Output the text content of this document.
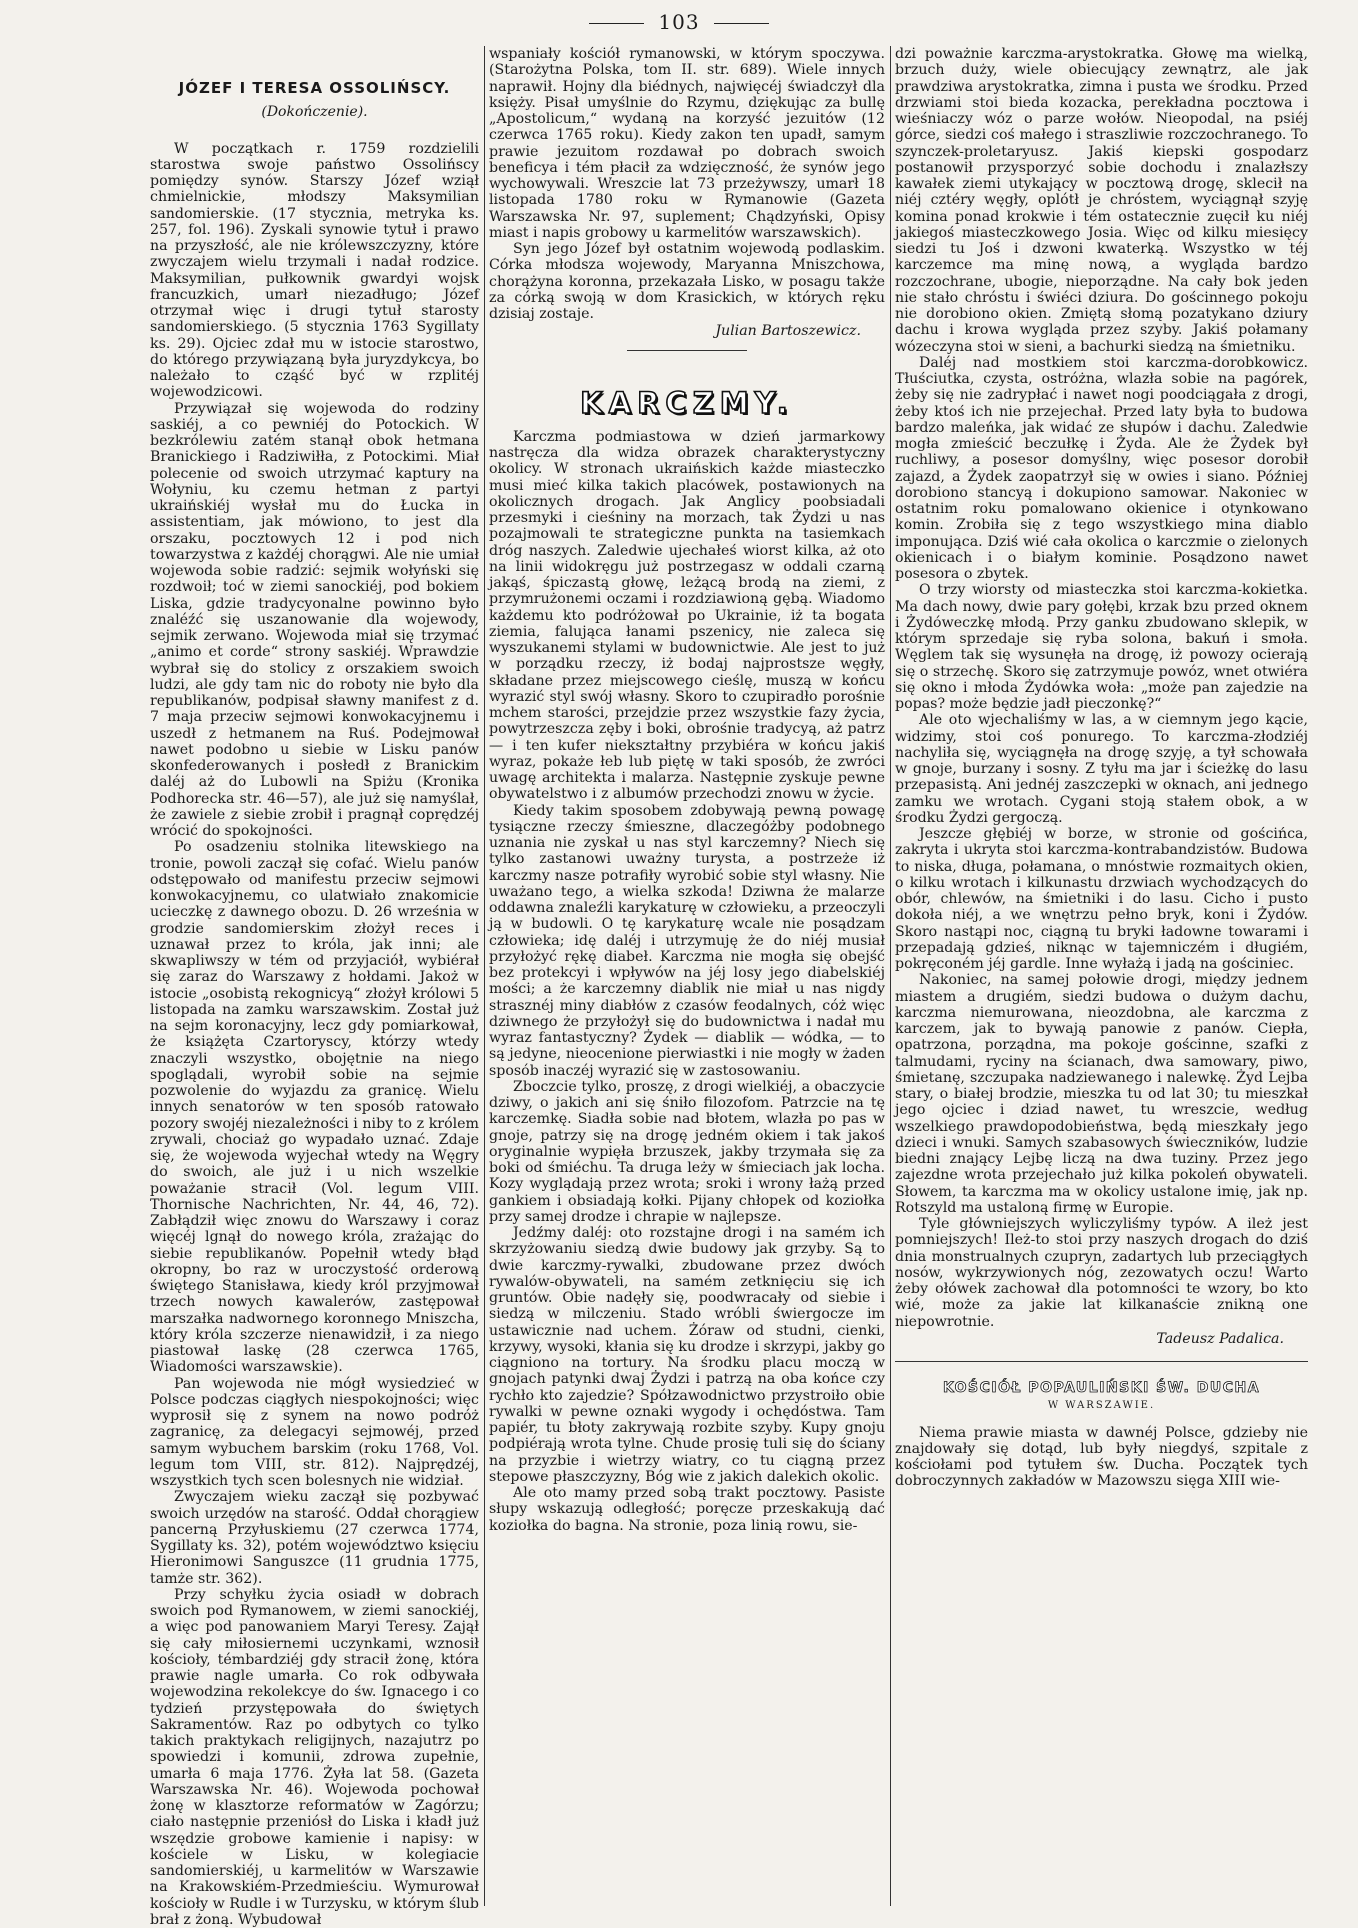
103
JÓZEF I TERESA OSSOLIŃSCY.
(Dokończenie).

W początkach r. 1759 rozdzielili starostwa swoje państwo Ossolińscy pomiędzy synów. Starszy Józef wziął chmielnickie, młodszy Maksymilian sandomierskie. (17 stycznia, metryka ks. 257, fol. 196). Zyskali synowie tytuł i prawo na przyszłość, ale nie królewszczyzny, które zwyczajem wielu trzymali i nadał rodzice. Maksymilian, pułkownik gwardyi wojsk francuzkich, umarł niezadługo; Józef otrzymał więc i drugi tytuł starosty sandomierskiego. (5 stycznia 1763 Sygillaty ks. 29). Ojciec zdał mu w istocie starostwo, do którego przywiązaną była juryzdykcya, bo należało to cząść być w rzplitéj wojewodzicowi.

Przywiązał się wojewoda do rodziny saskiéj, a co pewniéj do Potockich. W bezkrólewiu zatém stanął obok hetmana Branickiego i Radziwiłła, z Potockimi. Miał polecenie od swoich utrzymać kaptury na Wołyniu, ku czemu hetman z partyi ukraińskiéj wysłał mu do Łucka in assistentiam, jak mówiono, to jest dla orszaku, pocztowych 12 i pod nich towarzystwa z każdéj chorągwi. Ale nie umiał wojewoda sobie radzić: sejmik wołyński się rozdwoił; toć w ziemi sanockiéj, pod bokiem Liska, gdzie tradycyonalne powinno było znaléźć się uszanowanie dla wojewody, sejmik zerwano. Wojewoda miał się trzymać „animo et corde“ strony saskiéj. Wprawdzie wybrał się do stolicy z orszakiem swoich ludzi, ale gdy tam nic do roboty nie było dla republikanów, podpisał sławny manifest z d. 7 maja przeciw sejmowi konwokacyjnemu i uszedł z hetmanem na Ruś. Podejmował nawet podobno u siebie w Lisku panów skonfederowanych i posłedł z Branickim daléj aż do Lubowli na Spiżu (Kronika Podhorecka str. 46—57), ale już się namyślał, że zawiele z siebie zrobił i pragnął coprędzéj wrócić do spokojności.

Po osadzeniu stolnika litewskiego na tronie, powoli zaczął się cofać. Wielu panów odstępowało od manifestu przeciw sejmowi konwokacyjnemu, co ulatwiało znakomicie ucieczkę z dawnego obozu. D. 26 września w grodzie sandomierskim złożył reces i uznawał przez to króla, jak inni; ale skwapliwszy w tém od przyjaciół, wybiérał się zaraz do Warszawy z hołdami. Jakoż w istocie „osobistą rekognicyą“ złożył królowi 5 listopada na zamku warszawskim. Został już na sejm koronacyjny, lecz gdy pomiarkował, że książęta Czartoryscy, którzy wtedy znaczyli wszystko, obojętnie na niego spoglądali, wyrobił sobie na sejmie pozwolenie do wyjazdu za granicę. Wielu innych senatorów w ten sposób ratowało pozory swojéj niezależności i niby to z królem zrywali, chociaż go wypadało uznać. Zdaje się, że wojewoda wyjechał wtedy na Węgry do swoich, ale już i u nich wszelkie poważanie stracił (Vol. legum VIII. Thornische Nachrichten, Nr. 44, 46, 72). Zabłądził więc znowu do Warszawy i coraz więcéj lgnął do nowego króla, zrażając do siebie republikanów. Popełnił wtedy błąd okropny, bo raz w uroczystość orderową świętego Stanisława, kiedy król przyjmował trzech nowych kawalerów, zastępował marszałka nadwornego koronnego Mniszcha, który króla szczerze nienawidził, i za niego piastował laskę (28 czerwca 1765, Wiadomości warszawskie).

Pan wojewoda nie mógł wysiedzieć w Polsce podczas ciągłych niespokojności; więc wyprosił się z synem na nowo podróż zagranicę, za delegacyi sejmowéj, przed samym wybuchem barskim (roku 1768, Vol. legum tom VIII, str. 812). Najprędzéj, wszystkich tych scen bolesnych nie widział.

Zwyczajem wieku zaczął się pozbywać swoich urzędów na starość. Oddał chorągiew pancerną Przyłuskiemu (27 czerwca 1774, Sygillaty ks. 32), potém województwo księciu Hieronimowi Sanguszce (11 grudnia 1775, tamże str. 362).

Przy schyłku życia osiadł w dobrach swoich pod Rymanowem, w ziemi sanockiéj, a więc pod panowaniem Maryi Teresy. Zajął się cały miłosiernemi uczynkami, wznosił kościoły, témbardziéj gdy stracił żonę, która prawie nagle umarła. Co rok odbywała wojewodzina rekolekcye do św. Ignacego i co tydzień przystępowała do świętych Sakramentów. Raz po odbytych co tylko takich praktykach religijnych, nazajutrz po spowiedzi i komunii, zdrowa zupełnie, umarła 6 maja 1776. Żyła lat 58. (Gazeta Warszawska Nr. 46). Wojewoda pochował żonę w klasztorze reformatów w Zagórzu; ciało następnie przeniósł do Liska i kładł już wszędzie grobowe kamienie i napisy: w kościele w Lisku, w kolegiacie sandomierskiéj, u karmelitów w Warszawie na Krakowskiém-Przedmieściu. Wymurował kościoły w Rudle i w Turzysku, w którym ślub brał z żoną. Wybudował

wspaniały kościół rymanowski, w którym spoczywa. (Starożytna Polska, tom II. str. 689). Wiele innych naprawił. Hojny dla biédnych, najwięcéj świadczył dla księży. Pisał umyślnie do Rzymu, dziękując za bullę „Apostolicum,“ wydaną na korzyść jezuitów (12 czerwca 1765 roku). Kiedy zakon ten upadł, samym prawie jezuitom rozdawał po dobrach swoich beneficya i tém płacił za wdzięczność, że synów jego wychowywali. Wreszcie lat 73 przeżywszy, umarł 18 listopada 1780 roku w Rymanowie (Gazeta Warszawska Nr. 97, suplement; Chądzyński, Opisy miast i napis grobowy u karmelitów warszawskich).

Syn jego Józef był ostatnim wojewodą podlaskim. Córka młodsza wojewody, Maryanna Mniszchowa, chorążyna koronna, przekazała Lisko, w posagu także za córką swoją w dom Krasickich, w których ręku dzisiaj zostaje.

Julian Bartoszewicz.
KARCZMY.

Karczma podmiastowa w dzień jarmarkowy nastręcza dla widza obrazek charakterystyczny okolicy. W stronach ukraińskich każde miasteczko musi mieć kilka takich placówek, postawionych na okolicznych drogach. Jak Anglicy poobsiadali przesmyki i cieśniny na morzach, tak Żydzi u nas pozajmowali te strategiczne punkta na tasiemkach dróg naszych. Zaledwie ujechałeś wiorst kilka, aż oto na linii widokręgu już postrzegasz w oddali czarną jakąś, śpiczastą głowę, leżącą brodą na ziemi, z przymrużonemi oczami i rozdziawioną gębą. Wiadomo każdemu kto podróżował po Ukrainie, iż ta bogata ziemia, falująca łanami pszenicy, nie zaleca się wyszukanemi stylami w budownictwie. Ale jest to już w porządku rzeczy, iż bodaj najprostsze węgły, składane przez miejscowego cieślę, muszą w końcu wyrazić styl swój własny. Skoro to czupiradło porośnie mchem starości, przejdzie przez wszystkie fazy życia, powytrzeszcza zęby i boki, obrośnie tradycyą, aż patrz — i ten kufer niekształtny przybiéra w końcu jakiś wyraz, pokaże łeb lub piętę w taki sposób, że zwróci uwagę architekta i malarza. Następnie zyskuje pewne obywatelstwo i z albumów przechodzi znowu w życie.

Kiedy takim sposobem zdobywają pewną powagę tysiączne rzeczy śmieszne, dlaczegóżby podobnego uznania nie zyskał u nas styl karczemny? Niech się tylko zastanowi uważny turysta, a postrzeże iż karczmy nasze potrafiły wyrobić sobie styl własny. Nie uważano tego, a wielka szkoda! Dziwna że malarze oddawna znaleźli karykaturę w człowieku, a przeoczyli ją w budowli. O tę karykaturę wcale nie posądzam człowieka; idę daléj i utrzymuję że do niéj musiał przyłożyć rękę diabeł. Karczma nie mogła się obejść bez protekcyi i wpływów na jéj losy jego diabelskiéj mości; a że karczemny diablik nie miał u nas nigdy strasznéj miny diabłów z czasów feodalnych, cóż więc dziwnego że przyłożył się do budownictwa i nadał mu wyraz fantastyczny? Żydek — diablik — wódka, — to są jedyne, nieocenione pierwiastki i nie mogły w żaden sposób inaczéj wyrazić się w zastosowaniu.

Zboczcie tylko, proszę, z drogi wielkiéj, a obaczycie dziwy, o jakich ani się śniło filozofom. Patrzcie na tę karczemkę. Siadła sobie nad błotem, wlazła po pas w gnoje, patrzy się na drogę jedném okiem i tak jakoś oryginalnie wypięła brzuszek, jakby trzymała się za boki od śmiéchu. Ta druga leży w śmieciach jak locha. Kozy wyglądają przez wrota; sroki i wrony łażą przed gankiem i obsiadają kołki. Pijany chłopek od koziołka przy samej drodze i chrapie w najlepsze.

Jedźmy daléj: oto rozstajne drogi i na samém ich skrzyżowaniu siedzą dwie budowy jak grzyby. Są to dwie karczmy-rywalki, zbudowane przez dwóch rywalów-obywateli, na samém zetknięciu się ich gruntów. Obie nadęły się, poodwracały od siebie i siedzą w milczeniu. Stado wróbli świergocze im ustawicznie nad uchem. Żóraw od studni, cienki, krzywy, wysoki, kłania się ku drodze i skrzypi, jakby go ciągniono na tortury. Na środku placu moczą w gnojach patynki dwaj Żydzi i patrzą na oba końce czy rychło kto zajedzie? Spółzawodnictwo przystroiło obie rywalki w pewne oznaki wygody i ochędóstwa. Tam papiér, tu błoty zakrywają rozbite szyby. Kupy gnoju podpiérają wrota tylne. Chude prosię tuli się do ściany na przyzbie i wietrzy wiatry, co tu ciągną przez stepowe płaszczyzny, Bóg wie z jakich dalekich okolic.

Ale oto mamy przed sobą trakt pocztowy. Pasiste słupy wskazują odległość; poręcze przeskakują dać koziołka do bagna. Na stronie, poza linią rowu, sie-

dzi poważnie karczma-arystokratka. Głowę ma wielką, brzuch duży, wiele obiecujący zewnątrz, ale jak prawdziwa arystokratka, zimna i pusta we środku. Przed drzwiami stoi bieda kozacka, perekładna pocztowa i wieśniaczy wóz o parze wołów. Nieopodal, na psiéj górce, siedzi coś małego i straszliwie rozczochranego. To szynczek-proletaryusz. Jakiś kiepski gospodarz postanowił przysporzyć sobie dochodu i znalazłszy kawałek ziemi utykający w pocztową drogę, sklecił na niéj cztéry węgły, oplótł je chróstem, wyciągnął szyję komina ponad krokwie i tém ostatecznie zuęcił ku niéj jakiegoś miasteczkowego Josia. Więc od kilku miesięcy siedzi tu Joś i dzwoni kwaterką. Wszystko w téj karczemce ma minę nową, a wygląda bardzo rozczochrane, ubogie, nieporządne. Na cały bok jeden nie stało chróstu i świéci dziura. Do gościnnego pokoju nie dorobiono okien. Zmiętą słomą pozatykano dziury dachu i krowa wygląda przez szyby. Jakiś połamany wózeczyna stoi w sieni, a bachurki siedzą na śmietniku.

Daléj nad mostkiem stoi karczma-dorobkowicz. Tłuściutka, czysta, ostróżna, wlazła sobie na pagórek, żeby się nie zadrypłać i nawet nogi poodciągała z drogi, żeby ktoś ich nie przejechał. Przed laty była to budowa bardzo maleńka, jak widać ze słupów i dachu. Zaledwie mogła zmieścić beczułkę i Żyda. Ale że Żydek był ruchliwy, a posesor domyślny, więc posesor dorobił zajazd, a Żydek zaopatrzył się w owies i siano. Później dorobiono stancyą i dokupiono samowar. Nakoniec w ostatnim roku pomalowano okienice i otynkowano komin. Zrobiła się z tego wszystkiego mina diablo imponująca. Dziś wié cała okolica o karczmie o zielonych okienicach i o białym kominie. Posądzono nawet posesora o zbytek.

O trzy wiorsty od miasteczka stoi karczma-kokietka. Ma dach nowy, dwie pary gołębi, krzak bzu przed oknem i Żydóweczkę młodą. Przy ganku zbudowano sklepik, w którym sprzedaje się ryba solona, bakuń i smoła. Węglem tak się wysunęła na drogę, iż powozy ocierają się o strzechę. Skoro się zatrzymuje powóz, wnet otwiéra się okno i młoda Żydówka woła: „może pan zajedzie na popas? może będzie jadł pieczonkę?“

Ale oto wjechaliśmy w las, a w ciemnym jego kącie, widzimy, stoi coś ponurego. To karczma-złodziéj nachyliła się, wyciągnęła na drogę szyję, a tył schowała w gnoje, burzany i sosny. Z tyłu ma jar i ścieżkę do lasu przepasistą. Ani jednéj zaszczepki w oknach, ani jednego zamku we wrotach. Cygani stoją stałem obok, a w środku Żydzi gergoczą.

Jeszcze głębiéj w borze, w stronie od gościńca, zakryta i ukryta stoi karczma-kontrabandzistów. Budowa to niska, długa, połamana, o mnóstwie rozmaitych okien, o kilku wrotach i kilkunastu drzwiach wychodzących do obór, chlewów, na śmietniki i do lasu. Cicho i pusto dokoła niéj, a we wnętrzu pełno bryk, koni i Żydów. Skoro nastąpi noc, ciągną tu bryki ładowne towarami i przepadają gdzieś, niknąc w tajemniczém i długiém, pokręconém jéj gardle. Inne wyłażą i jadą na gościniec.

Nakoniec, na samej połowie drogi, między jednem miastem a drugiém, siedzi budowa o dużym dachu, karczma niemurowana, nieozdobna, ale karczma z karczem, jak to bywają panowie z panów. Ciepła, opatrzona, porządna, ma pokoje gościnne, szafki z talmudami, ryciny na ścianach, dwa samowary, piwo, śmietanę, szczupaka nadziewanego i nalewkę. Żyd Lejba stary, o białej brodzie, mieszka tu od lat 30; tu mieszkał jego ojciec i dziad nawet, tu wreszcie, według wszelkiego prawdopodobieństwa, będą mieszkały jego dzieci i wnuki. Samych szabasowych świeczników, ludzie biedni znający Lejbę liczą na dwa tuziny. Przez jego zajezdne wrota przejechało już kilka pokoleń obywateli. Słowem, ta karczma ma w okolicy ustalone imię, jak np. Rotszyld ma ustaloną firmę w Europie.

Tyle główniejszych wyliczyliśmy typów. A ileż jest pomniejszych! Ileż-to stoi przy naszych drogach do dziś dnia monstrualnych czupryn, zadartych lub przeciągłych nosów, wykrzywionych nóg, zezowatych oczu! Warto żeby ołówek zachował dla potomności te wzory, bo kto wié, może za jakie lat kilkanaście znikną one niepowrotnie.

Tadeusz Padalica.
KOŚCIÓŁ POPAULIŃSKI ŚW. DUCHA
W WARSZAWIE.

Niema prawie miasta w dawnéj Polsce, gdzieby nie znajdowały się dotąd, lub były niegdyś, szpitale z kościołami pod tytułem św. Ducha. Początek tych dobroczynnych zakładów w Mazowszu sięga XIII wie-
